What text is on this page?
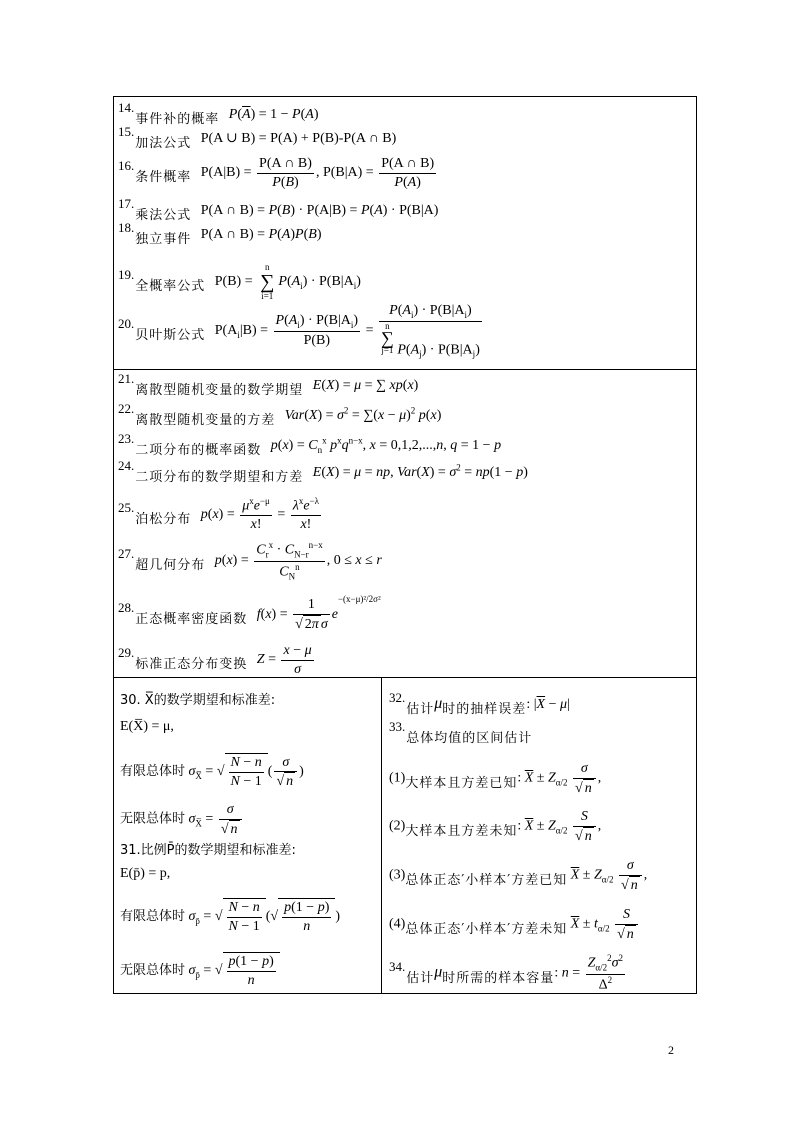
14.事件补的概率 $P(\overline{A}) = 1 - P(A)$
15.加法公式 P(A ∪ B) = P(A) + P(B)-P(A ∩ B)
16.条件概率 $P(A|B) = \frac{P(A \cap B)}{P(B)}$ , $P(B|A) = \frac{P(A \cap B)}{P(A)}$
17.乘法公式 P(A ∩ B) = P(B) · P(A|B) = P(A) · P(B|A)
18.独立事件 P(A ∩ B) = P(A)P(B)
19.全概率公式 P(B) =
n
∑
i=1
$P(A_i) \cdot P(B|A_i)$
20.贝叶斯公式 $P(A_i|B) = \frac{P(A_i) \cdot P(B|A_i)}{P(B)}$ =
$P(A_i) \cdot P(B|A_i)$
n
∑
j=1 $P(A_j) \cdot P(B|A_j)$
21.离散型随机变量的数学期望 E(X) = μ = ∑ xp(x)
22.离散型随机变量的方差 $Var(X) = \sigma^2 = \sum(x - \mu)^2$ p(x)
23.二项分布的概率函数 $p(x) = C_n^x$ $p^xq^{n-x}$, x = 0,1,2,...,n, q = 1 − p
24.二项分布的数学期望和方差 E(X) = μ = np, $Var(X) = \sigma^2 = np(1 - p)$
25.泊松分布 p(x) =
$\mu^xe^{-\mu}$
x!
=
$\lambda^xe^{-\lambda}$
x!
27.超几何分布 p(x) =
$C_r^x \cdot C_{N-r}^{n-x}$
$C_N^n$	, 0 ≤ x ≤ r
28.正态概率密度函数 $f(x) = \frac{1}{\text{√ 2π σ}} e^{-(x-\mu)^2/2\sigma^2}$
29.标准正态分布变换 $Z = \frac{x - \mu}{\sigma}$
30. X̅的数学期望和标准差:
E(X̅) = μ,
有限总体时 $\sigma_{X̅}$ = √ $\frac{N - n}{N - 1}$ ( $\frac{\sigma}{√ n}$ )
无限总体时 $\sigma_{X̅} = \frac{\sigma}{√ n}$
31.比例P̄的数学期望和标准差:
E(p̄) = p,
有限总体时 $\sigma_{p̄}$ = √ $\frac{N - n}{N - 1}$ (√ $\frac{p(1 - p)}{n}$ )
无限总体时 $\sigma_{p̄}$ = √ $\frac{p(1 - p)}{n}$
32.估计μ时的抽样误差: $|\overline{X} - \mu|$
33.总体均值的区间估计
(1)大样本且方差已知: $\overline{X} \pm Z_{\alpha/2} \frac{\sigma}{√ n}$ ,
(2)大样本且方差未知: $\overline{X} \pm Z_{\alpha/2} \frac{S}{√ n}$ ,
(3)总体正态′小样本′方差已知 $\overline{X} \pm Z_{\alpha/2} \frac{\sigma}{√ n}$ ,
(4)总体正态′小样本′方差未知 $\overline{X} \pm t_{\alpha/2} \frac{S}{√ n}$
34.估计μ时所需的样本容量: $n = \frac{Z_{\alpha/2}^2\sigma^2}{\Delta^2}$
2
